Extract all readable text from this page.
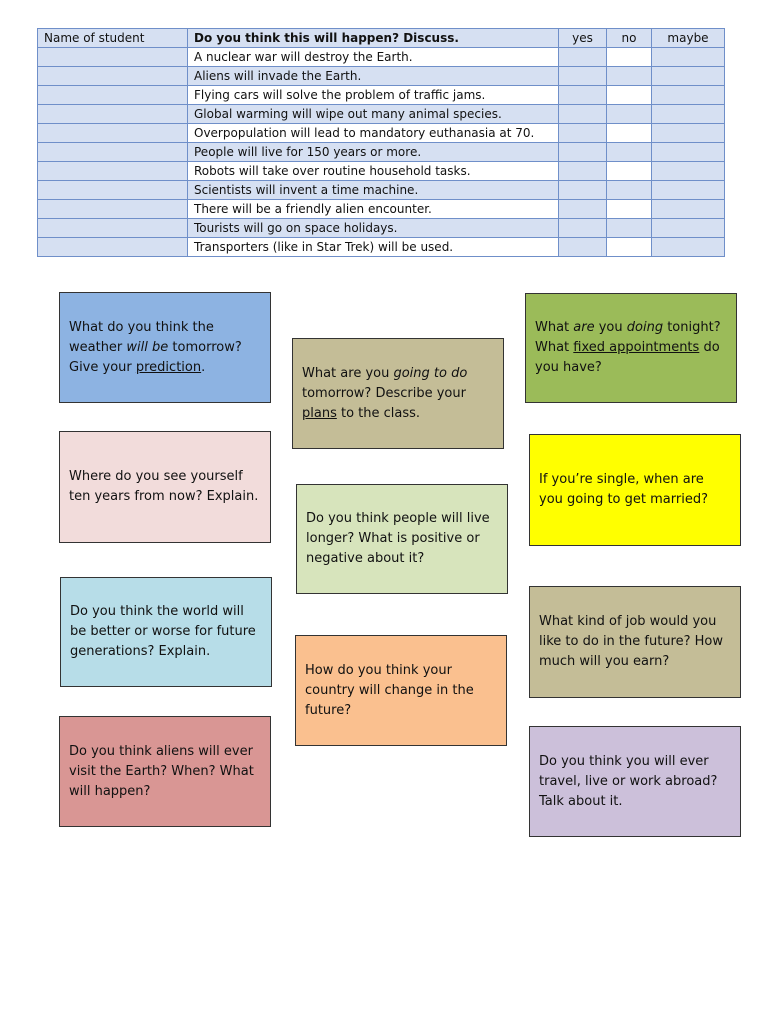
Name of student	Do you think this will happen? Discuss.	yes	no	maybe
	A nuclear war will destroy the Earth.			
	Aliens will invade the Earth.			
	Flying cars will solve the problem of traffic jams.			
	Global warming will wipe out many animal species.			
	Overpopulation will lead to mandatory euthanasia at 70.			
	People will live for 150 years or more.			
	Robots will take over routine household tasks.			
	Scientists will invent a time machine.			
	There will be a friendly alien encounter.			
	Tourists will go on space holidays.			
	Transporters (like in Star Trek) will be used.			

What do you think the weather will be tomorrow? Give your prediction.

Where do you see yourself ten years from now? Explain.

Do you think the world will be better or worse for future generations? Explain.

Do you think aliens will ever visit the Earth? When? What will happen?

What are you going to do tomorrow? Describe your plans to the class.

Do you think people will live longer? What is positive or negative about it?

How do you think your country will change in the future?

What are you doing tonight? What fixed appointments do you have?

If you’re single, when are you going to get married?

What kind of job would you like to do in the future? How much will you earn?

Do you think you will ever travel, live or work abroad? Talk about it.
